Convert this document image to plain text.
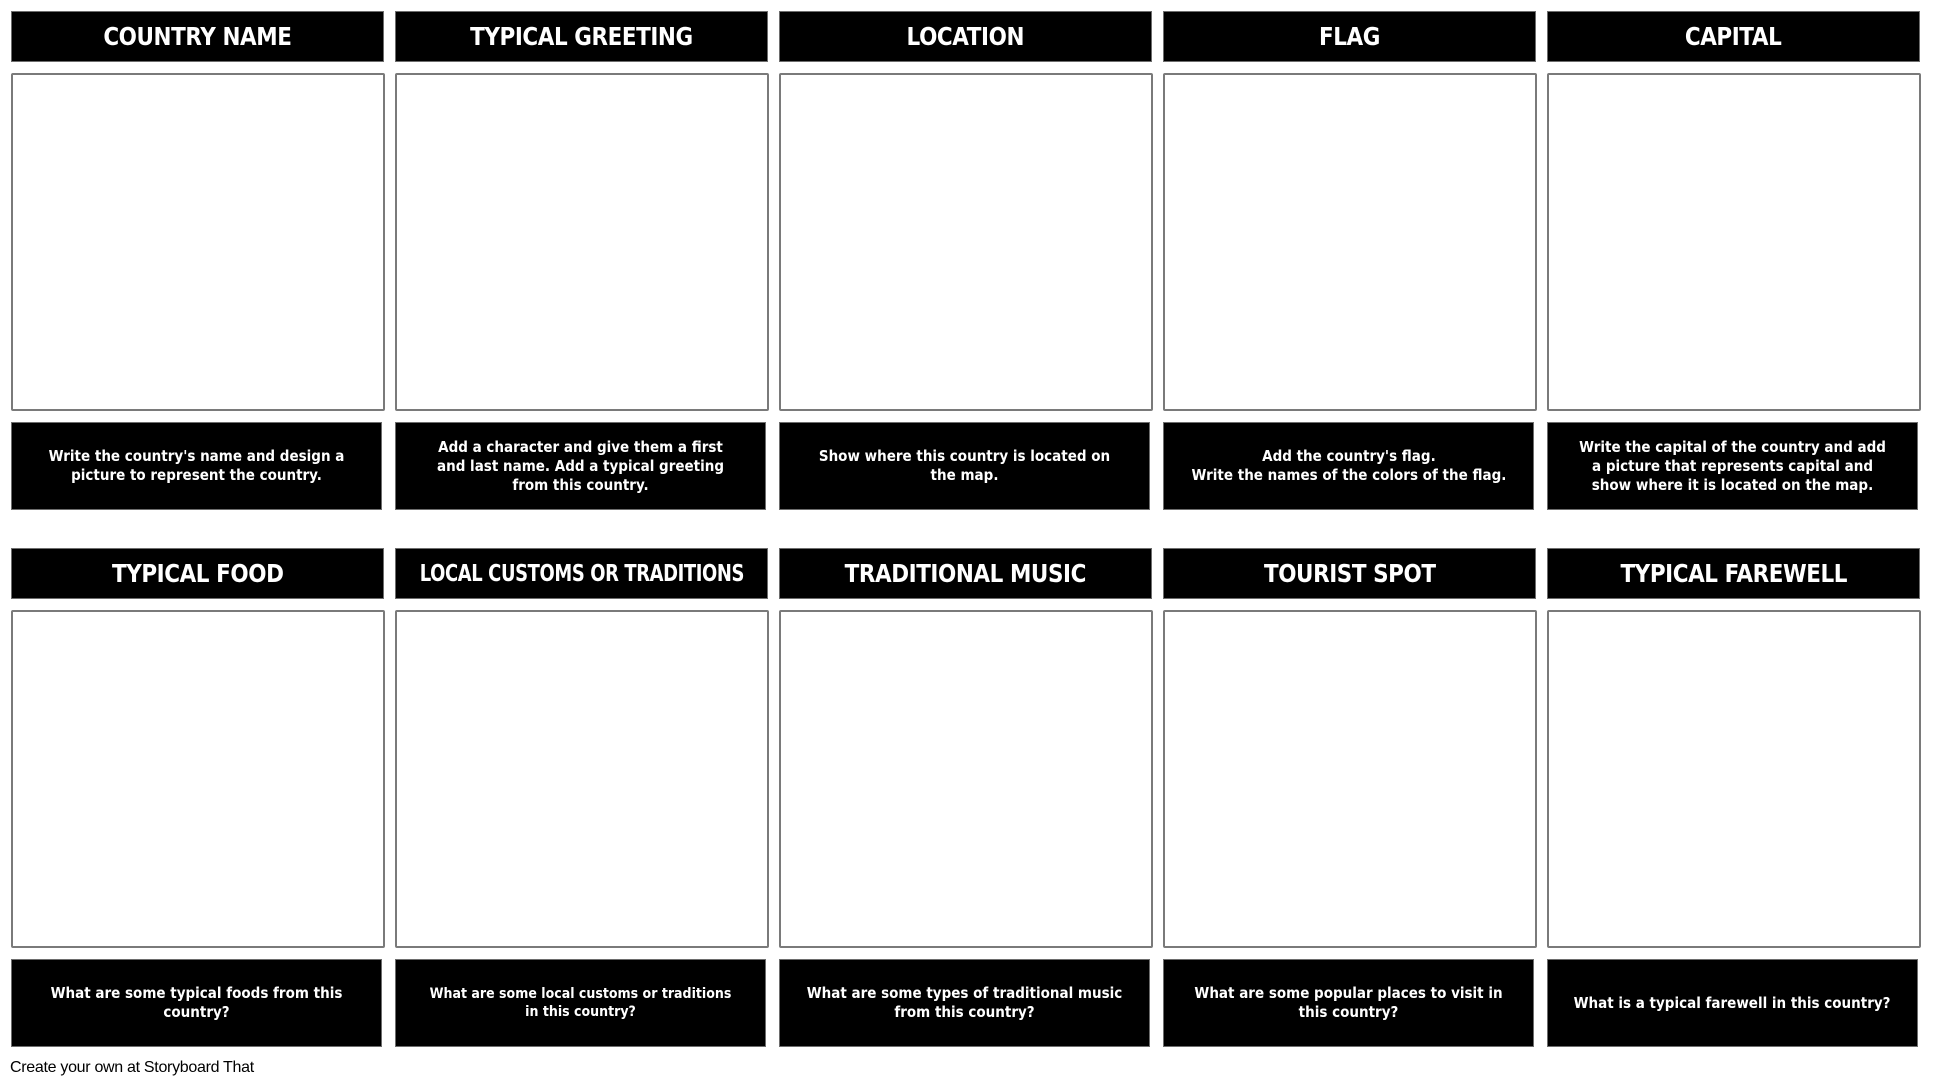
COUNTRY NAME
Write the country's name and design a picture to represent the country.
TYPICAL GREETING
Add a character and give them a first and last name. Add a typical greeting from this country.
LOCATION
Show where this country is located on the map.
FLAG
Add the country's flag.
Write the names of the colors of the flag.
CAPITAL
Write the capital of the country and add a picture that represents capital and show where it is located on the map.
TYPICAL FOOD
What are some typical foods from this country?
LOCAL CUSTOMS OR TRADITIONS
What are some local customs or traditions in this country?
TRADITIONAL MUSIC
What are some types of traditional music from this country?
TOURIST SPOT
What are some popular places to visit in this country?
TYPICAL FAREWELL
What is a typical farewell in this country?
Create your own at Storyboard That
